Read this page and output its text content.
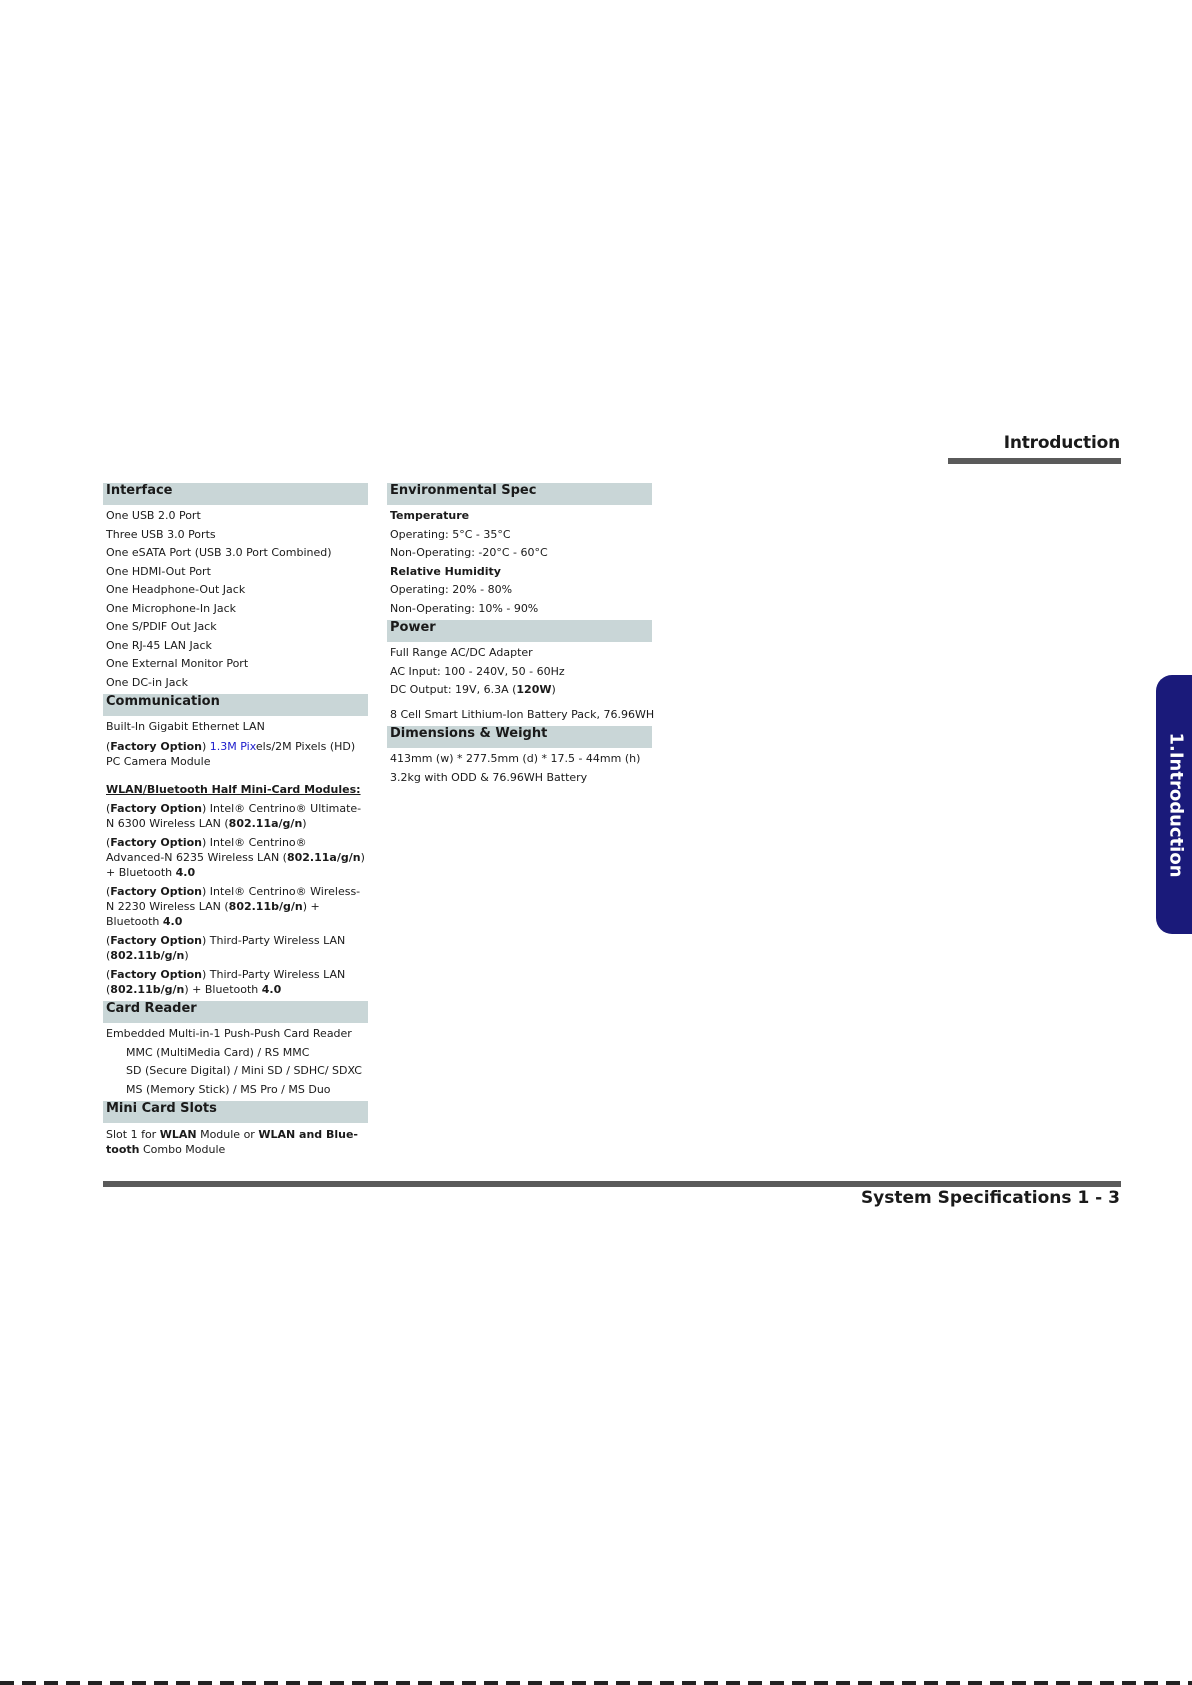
Introduction
Interface
One USB 2.0 Port
Three USB 3.0 Ports
One eSATA Port (USB 3.0 Port Combined)
One HDMI-Out Port
One Headphone-Out Jack
One Microphone-In Jack
One S/PDIF Out Jack
One RJ-45 LAN Jack
One External Monitor Port
One DC-in Jack
Communication
Built-In Gigabit Ethernet LAN
(Factory Option) 1.3M Pixels/2M Pixels (HD) PC Camera Module
WLAN/Bluetooth Half Mini-Card Modules:
(Factory Option) Intel® Centrino® Ultimate-N 6300 Wireless LAN (802.11a/g/n)
(Factory Option) Intel® Centrino® Advanced-N 6235 Wireless LAN (802.11a/g/n) + Bluetooth 4.0
(Factory Option) Intel® Centrino® Wireless-N 2230 Wireless LAN (802.11b/g/n) + Bluetooth 4.0
(Factory Option) Third-Party Wireless LAN (802.11b/g/n)
(Factory Option) Third-Party Wireless LAN (802.11b/g/n) + Bluetooth 4.0
Card Reader
Embedded Multi-in-1 Push-Push Card Reader
MMC (MultiMedia Card) / RS MMC
SD (Secure Digital) / Mini SD / SDHC/ SDXC
MS (Memory Stick) / MS Pro / MS Duo
Mini Card Slots
Slot 1 for WLAN Module or WLAN and Blue-tooth Combo Module
Environmental Spec
Temperature
Operating: 5°C - 35°C
Non-Operating: -20°C - 60°C
Relative Humidity
Operating: 20% - 80%
Non-Operating: 10% - 90%
Power
Full Range AC/DC Adapter
AC Input: 100 - 240V, 50 - 60Hz
DC Output: 19V, 6.3A (120W)
8 Cell Smart Lithium-Ion Battery Pack, 76.96WH
Dimensions & Weight
413mm (w) * 277.5mm (d) * 17.5 - 44mm (h)
3.2kg with ODD & 76.96WH Battery
System Specifications 1 - 3
1.Introduction
